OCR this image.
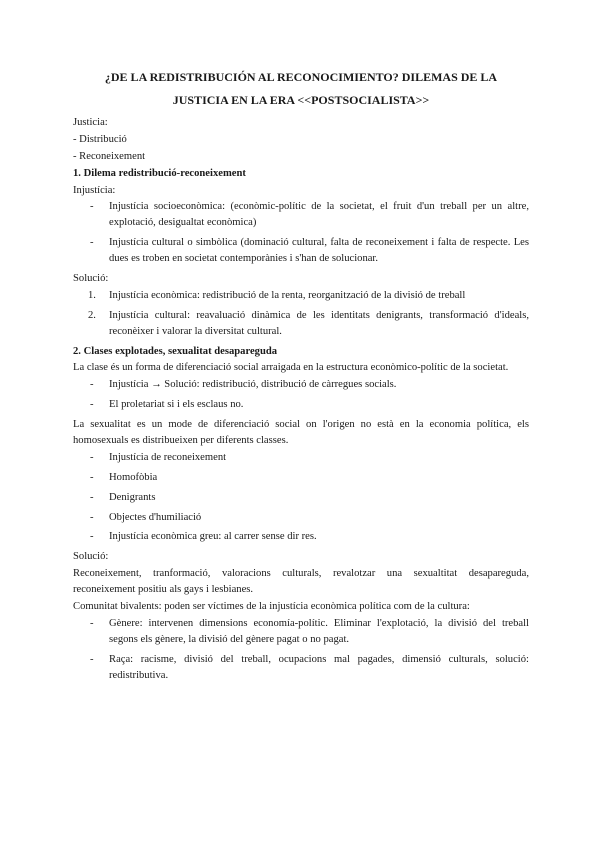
¿DE LA REDISTRIBUCIÓN AL RECONOCIMIENTO? DILEMAS DE LA
JUSTICIA EN LA ERA <<POSTSOCIALISTA>>

Justicia:

- Distribució

- Reconeixement

1. Dilema redistribució-reconeixement

Injustícia:

- Injustícia socioeconòmica: (econòmic-polític de la societat, el fruit d'un treball per un altre, explotació, desigualtat econòmica)
- Injustícia cultural o simbòlica (dominació cultural, falta de reconeixement i falta de respecte. Les dues es troben en societat contemporànies i s'han de solucionar.

Solució:

1. Injustícia econòmica: redistribució de la renta, reorganització de la divisió de treball
2. Injustícia cultural: reavaluació dinàmica de les identitats denigrants, transformació d'ideals, reconèixer i valorar la diversitat cultural.

2. Clases explotades, sexualitat desapareguda

La clase és un forma de diferenciació social arraigada en la estructura econòmico-polític de la societat.

- Injustícia → Solució: redistribució, distribució de càrregues socials.
- El proletariat si i els esclaus no.

La sexualitat es un mode de diferenciació social on l'origen no està en la economia política, els homosexuals es distribueixen per diferents classes.

- Injustícia de reconeixement
- Homofòbia
- Denigrants
- Objectes d'humiliació
- Injustícia econòmica greu: al carrer sense dir res.

Solució:

Reconeixement, tranformació, valoracions culturals, revalotzar una sexualtitat desapareguda, reconeixement positiu als gays i lesbianes.

Comunitat bivalents: poden ser víctimes de la injustícia econòmica política com de la cultura:

- Gènere: intervenen dimensions economía-polític. Eliminar l'explotació, la divisió del treball segons els gènere, la divisió del gènere pagat o no pagat.
- Raça: racisme, divisió del treball, ocupacions mal pagades, dimensió culturals, solució: redistributiva.
